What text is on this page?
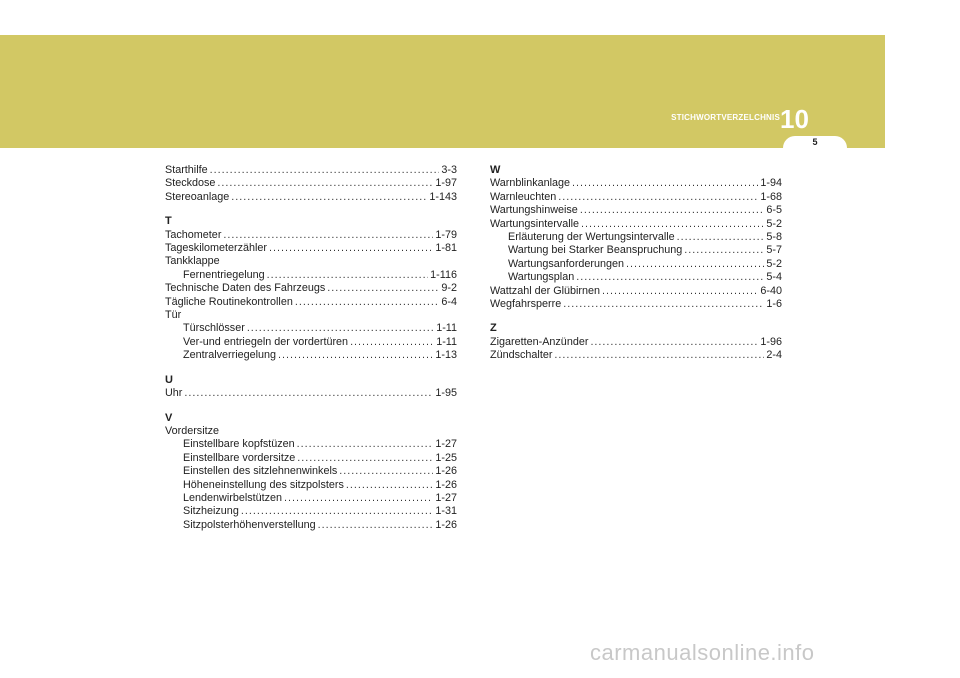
STICHWORTVERZELCHNIS 10
5
Starthilfe .....	3-3
Steckdose .....	1-97
Stereoanlage .....	1-143
T
Tachometer .....	1-79
Tageskilometerzähler .....	1-81
Tankklappe
Fernentriegelung .....	1-116
Technische Daten des Fahrzeugs .....	9-2
Tägliche Routinekontrollen .....	6-4
Tür
Türschlösser .....	1-11
Ver-und entriegeln der vordertüren .....	1-11
Zentralverriegelung .....	1-13
U
Uhr .....	1-95
V
Vordersitze
Einstellbare kopfstüzen .....	1-27
Einstellbare vordersitze .....	1-25
Einstellen des sitzlehnenwinkels .....	1-26
Höheneinstellung des sitzpolsters .....	1-26
Lendenwirbelstützen .....	1-27
Sitzheizung .....	1-31
Sitzpolsterhöhenverstellung .....	1-26
W
Warnblinkanlage .....	1-94
Warnleuchten .....	1-68
Wartungshinweise .....	6-5
Wartungsintervalle .....	5-2
Erläuterung der Wertungsintervalle .....	5-8
Wartung bei Starker Beanspruchung .....	5-7
Wartungsanforderungen .....	5-2
Wartungsplan .....	5-4
Wattzahl der Glübirnen .....	6-40
Wegfahrsperre .....	1-6
Z
Zigaretten-Anzünder .....	1-96
Zündschalter .....	2-4
carmanualsonline.info
